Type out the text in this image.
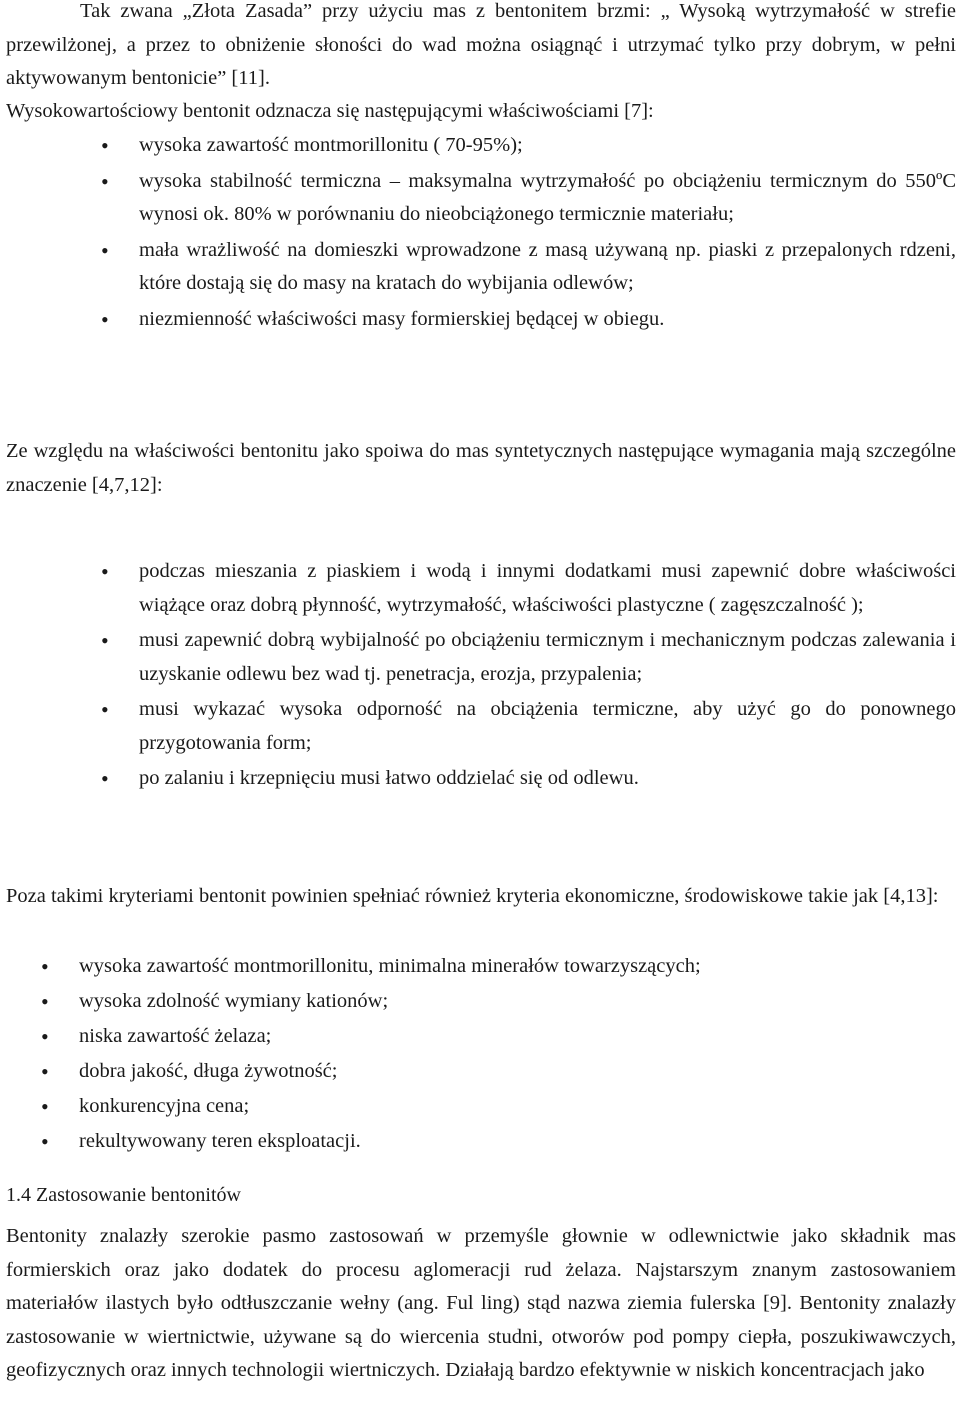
Tak zwana „Złota Zasada” przy użyciu mas z bentonitem brzmi: „ Wysoką wytrzymałość w strefie przewilżonej, a przez to obniżenie słoności do wad można osiągnąć i utrzymać tylko przy dobrym, w pełni aktywowanym bentonicie” [11].

Wysokowartościowy bentonit odznacza się następującymi właściwościami [7]:

• wysoka zawartość montmorillonitu ( 70-95%);
• wysoka stabilność termiczna – maksymalna wytrzymałość po obciążeniu termicznym do 550ºC wynosi ok. 80% w porównaniu do nieobciążonego termicznie materiału;
• mała wrażliwość na domieszki wprowadzone z masą używaną np. piaski z przepalonych rdzeni, które dostają się do masy na kratach do wybijania odlewów;
• niezmienność właściwości masy formierskiej będącej w obiegu.

Ze względu na właściwości bentonitu jako spoiwa do mas syntetycznych następujące wymagania mają szczególne znaczenie [4,7,12]:

• podczas mieszania z piaskiem i wodą i innymi dodatkami musi zapewnić dobre właściwości wiążące oraz dobrą płynność, wytrzymałość, właściwości plastyczne ( zagęszczalność );
• musi zapewnić dobrą wybijalność po obciążeniu termicznym i mechanicznym podczas zalewania i uzyskanie odlewu bez wad tj. penetracja, erozja, przypalenia;
• musi wykazać wysoka odporność na obciążenia termiczne, aby użyć go do ponownego przygotowania form;
• po zalaniu i krzepnięciu musi łatwo oddzielać się od odlewu.

Poza takimi kryteriami bentonit powinien spełniać również kryteria ekonomiczne, środowiskowe takie jak [4,13]:

• wysoka zawartość montmorillonitu, minimalna minerałów towarzyszących;
• wysoka zdolność wymiany kationów;
• niska zawartość żelaza;
• dobra jakość, długa żywotność;
• konkurencyjna cena;
• rekultywowany teren eksploatacji.
1.4 Zastosowanie bentonitów

Bentonity znalazły szerokie pasmo zastosowań w przemyśle głownie w odlewnictwie jako składnik mas formierskich oraz jako dodatek do procesu aglomeracji rud żelaza. Najstarszym znanym zastosowaniem materiałów ilastych było odtłuszczanie wełny (ang. Ful ling) stąd nazwa ziemia fulerska [9]. Bentonity znalazły zastosowanie w wiertnictwie, używane są do wiercenia studni, otworów pod pompy ciepła, poszukiwawczych, geofizycznych oraz innych technologii wiertniczych. Działają bardzo efektywnie w niskich koncentracjach jako
